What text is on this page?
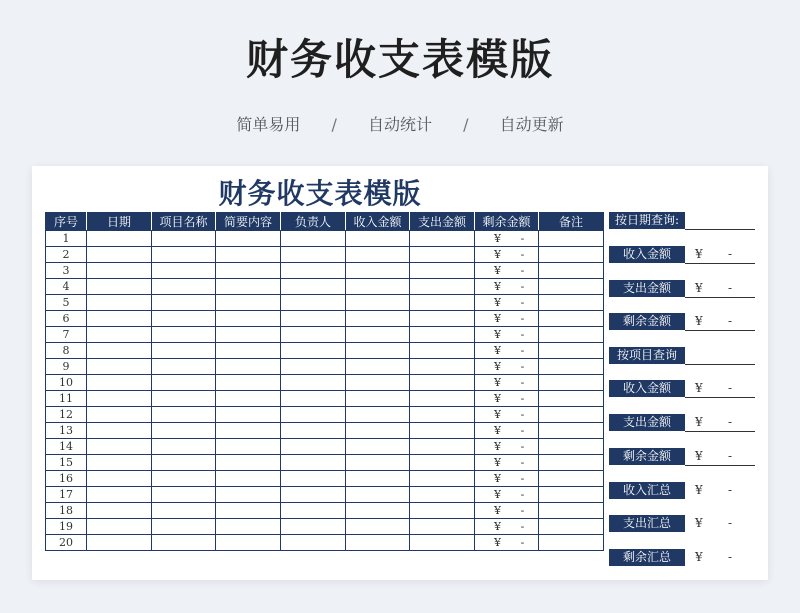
财务收支表模版
简单易用 / 自动统计 / 自动更新
财务收支表模版
序号	日期	项目名称	简要内容	负责人	收入金额	支出金额	剩余金额	备注
1							¥ -	
2							¥ -	
3							¥ -	
4							¥ -	
5							¥ -	
6							¥ -	
7							¥ -	
8							¥ -	
9							¥ -	
10							¥ -	
11							¥ -	
12							¥ -	
13							¥ -	
14							¥ -	
15							¥ -	
16							¥ -	
17							¥ -	
18							¥ -	
19							¥ -	
20							¥ -	
按日期查询:
收入金额	¥ -
支出金额	¥ -
剩余金额	¥ -
按项目查询
收入金额	¥ -
支出金额	¥ -
剩余金额	¥ -
收入汇总	¥ -
支出汇总	¥ -
剩余汇总	¥ -
